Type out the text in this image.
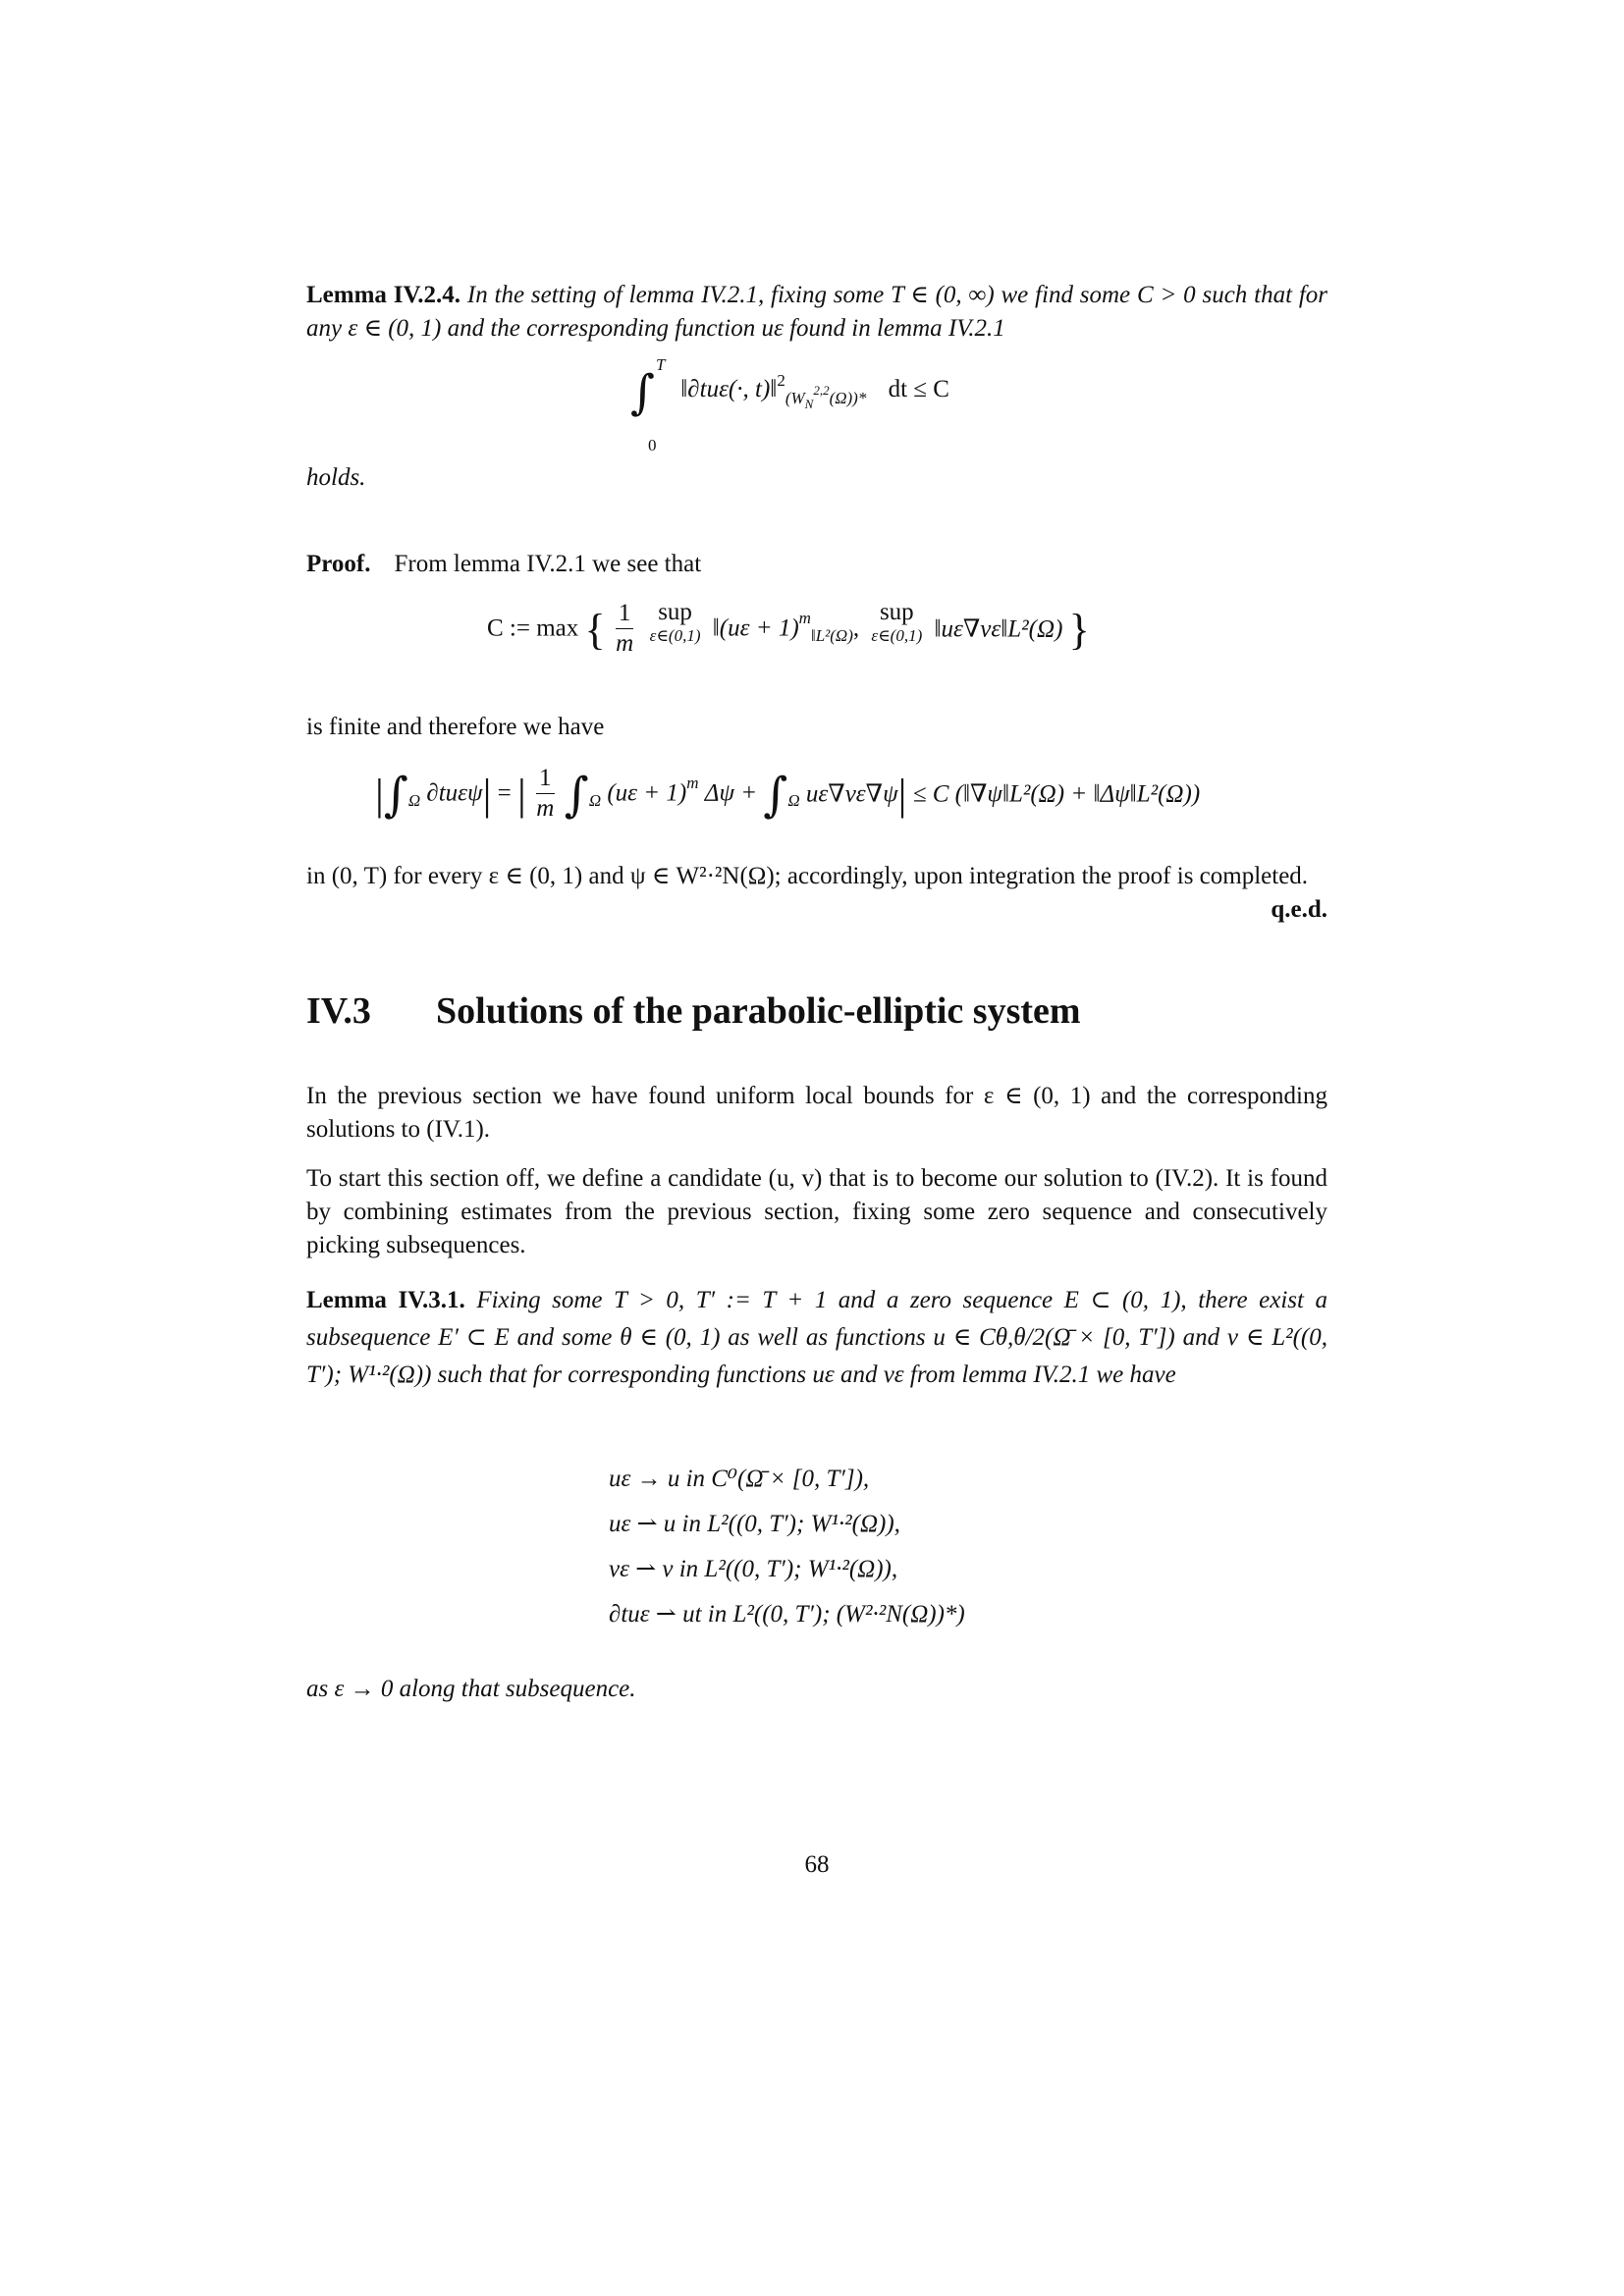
Lemma IV.2.4. In the setting of lemma IV.2.1, fixing some T ∈ (0, ∞) we find some C > 0 such that for any ε ∈ (0, 1) and the corresponding function uε found in lemma IV.2.1
∫
T
0
‖∂tuε(·, $t)‖^2_{(WN}2,2_{(\Omega))*}$ dt ≤ C
holds.
Proof. From lemma IV.2.1 we see that
C := max { $\frac{1}{m}$ sup
ε∈(0,1) ‖(uε + 1)$^m_{‖L^2(\Omega)}$, sup
ε∈(0,1) ‖uε∇vε‖L²(Ω) }
is finite and therefore we have
$|\int_\Omega$ ∂tuεψ| = | $\frac{1}{m} \int_\Omega$ $(u\varepsilon + 1)^m$ $\Delta\psi + \int_\Omega$ uε∇vε∇ψ| ≤ C (‖∇ψ‖L²(Ω) + ‖Δψ‖L²(Ω))
in (0, T) for every ε ∈ (0, 1) and ψ ∈ W²·²N(Ω); accordingly, upon integration the proof is completed.
q.e.d.
IV.3 Solutions of the parabolic-elliptic system
In the previous section we have found uniform local bounds for ε ∈ (0, 1) and the corresponding solutions to (IV.1).
To start this section off, we define a candidate (u, v) that is to become our solution to (IV.2). It is found by combining estimates from the previous section, fixing some zero sequence and consecutively picking subsequences.
Lemma IV.3.1. Fixing some T > 0, T′ := T + 1 and a zero sequence E ⊂ (0, 1), there exist a subsequence E′ ⊂ E and some θ ∈ (0, 1) as well as functions u ∈ Cθ,θ/2(Ω̄ × [0, T′]) and v ∈ L²((0, T′); W¹·²(Ω)) such that for corresponding functions uε and vε from lemma IV.2.1 we have
uε → u in C⁰(Ω̄ × [0, T′]),
uε ⇀ u in L²((0, T′); W¹·²(Ω)),
vε ⇀ v in L²((0, T′); W¹·²(Ω)),
∂tuε ⇀ ut in L²((0, T′); (W²·²N(Ω))*)
as ε → 0 along that subsequence.
68
